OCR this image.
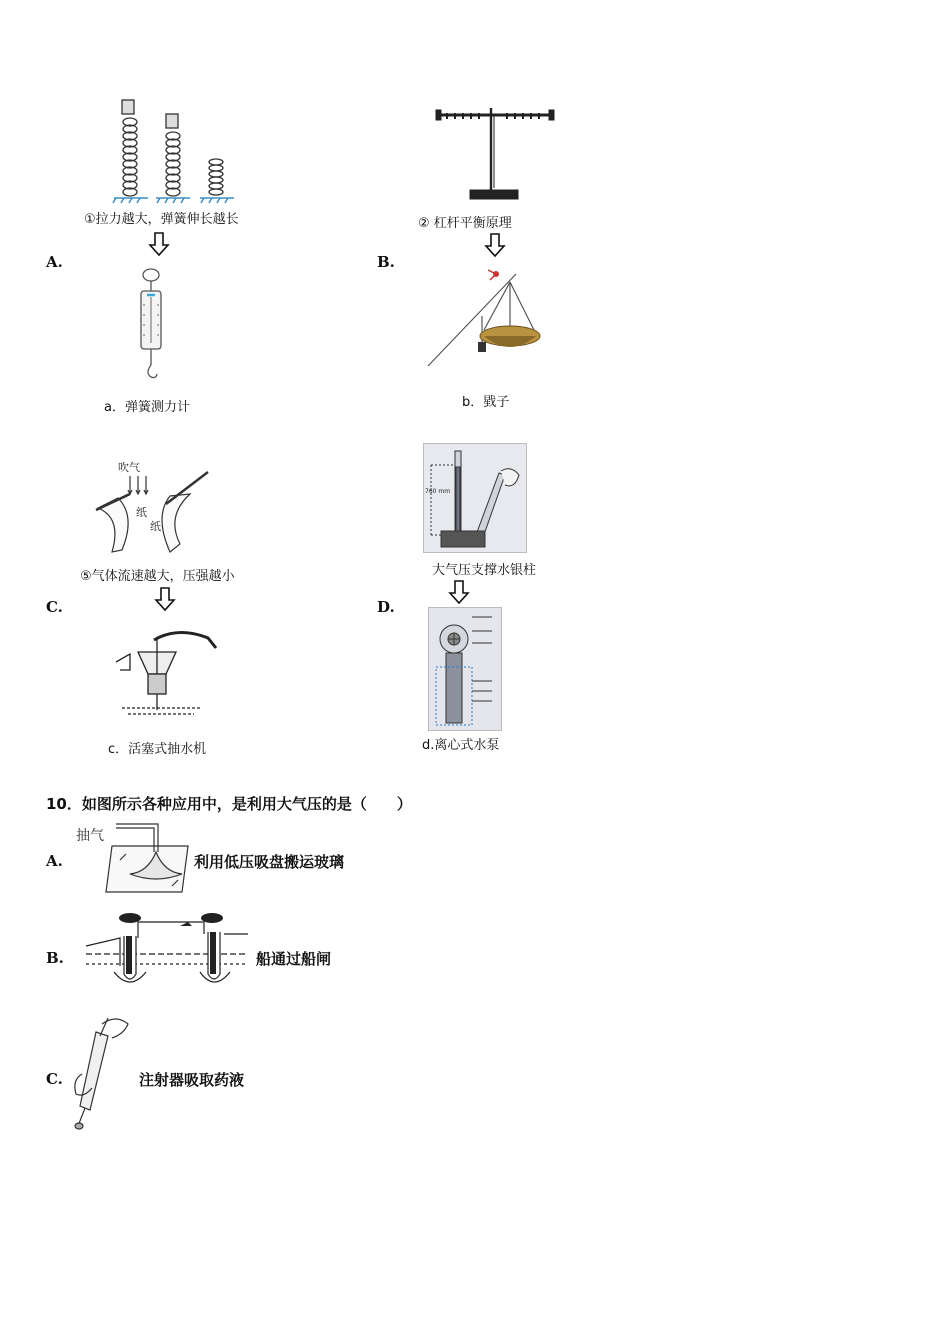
①拉力越大，弹簧伸长越长
A.
a．弹簧测力计
② 杠杆平衡原理
B.
b．戥子
吹气
纸
纸
⑤气体流速越大，压强越小
C.
c．活塞式抽水机
760 mm
大气压支撑水银柱
D.
d.离心式水泵
10．如图所示各种应用中，是利用大气压的是（　　）
抽气
A.	利用低压吸盘搬运玻璃
B.	船通过船闸
C.	注射器吸取药液
